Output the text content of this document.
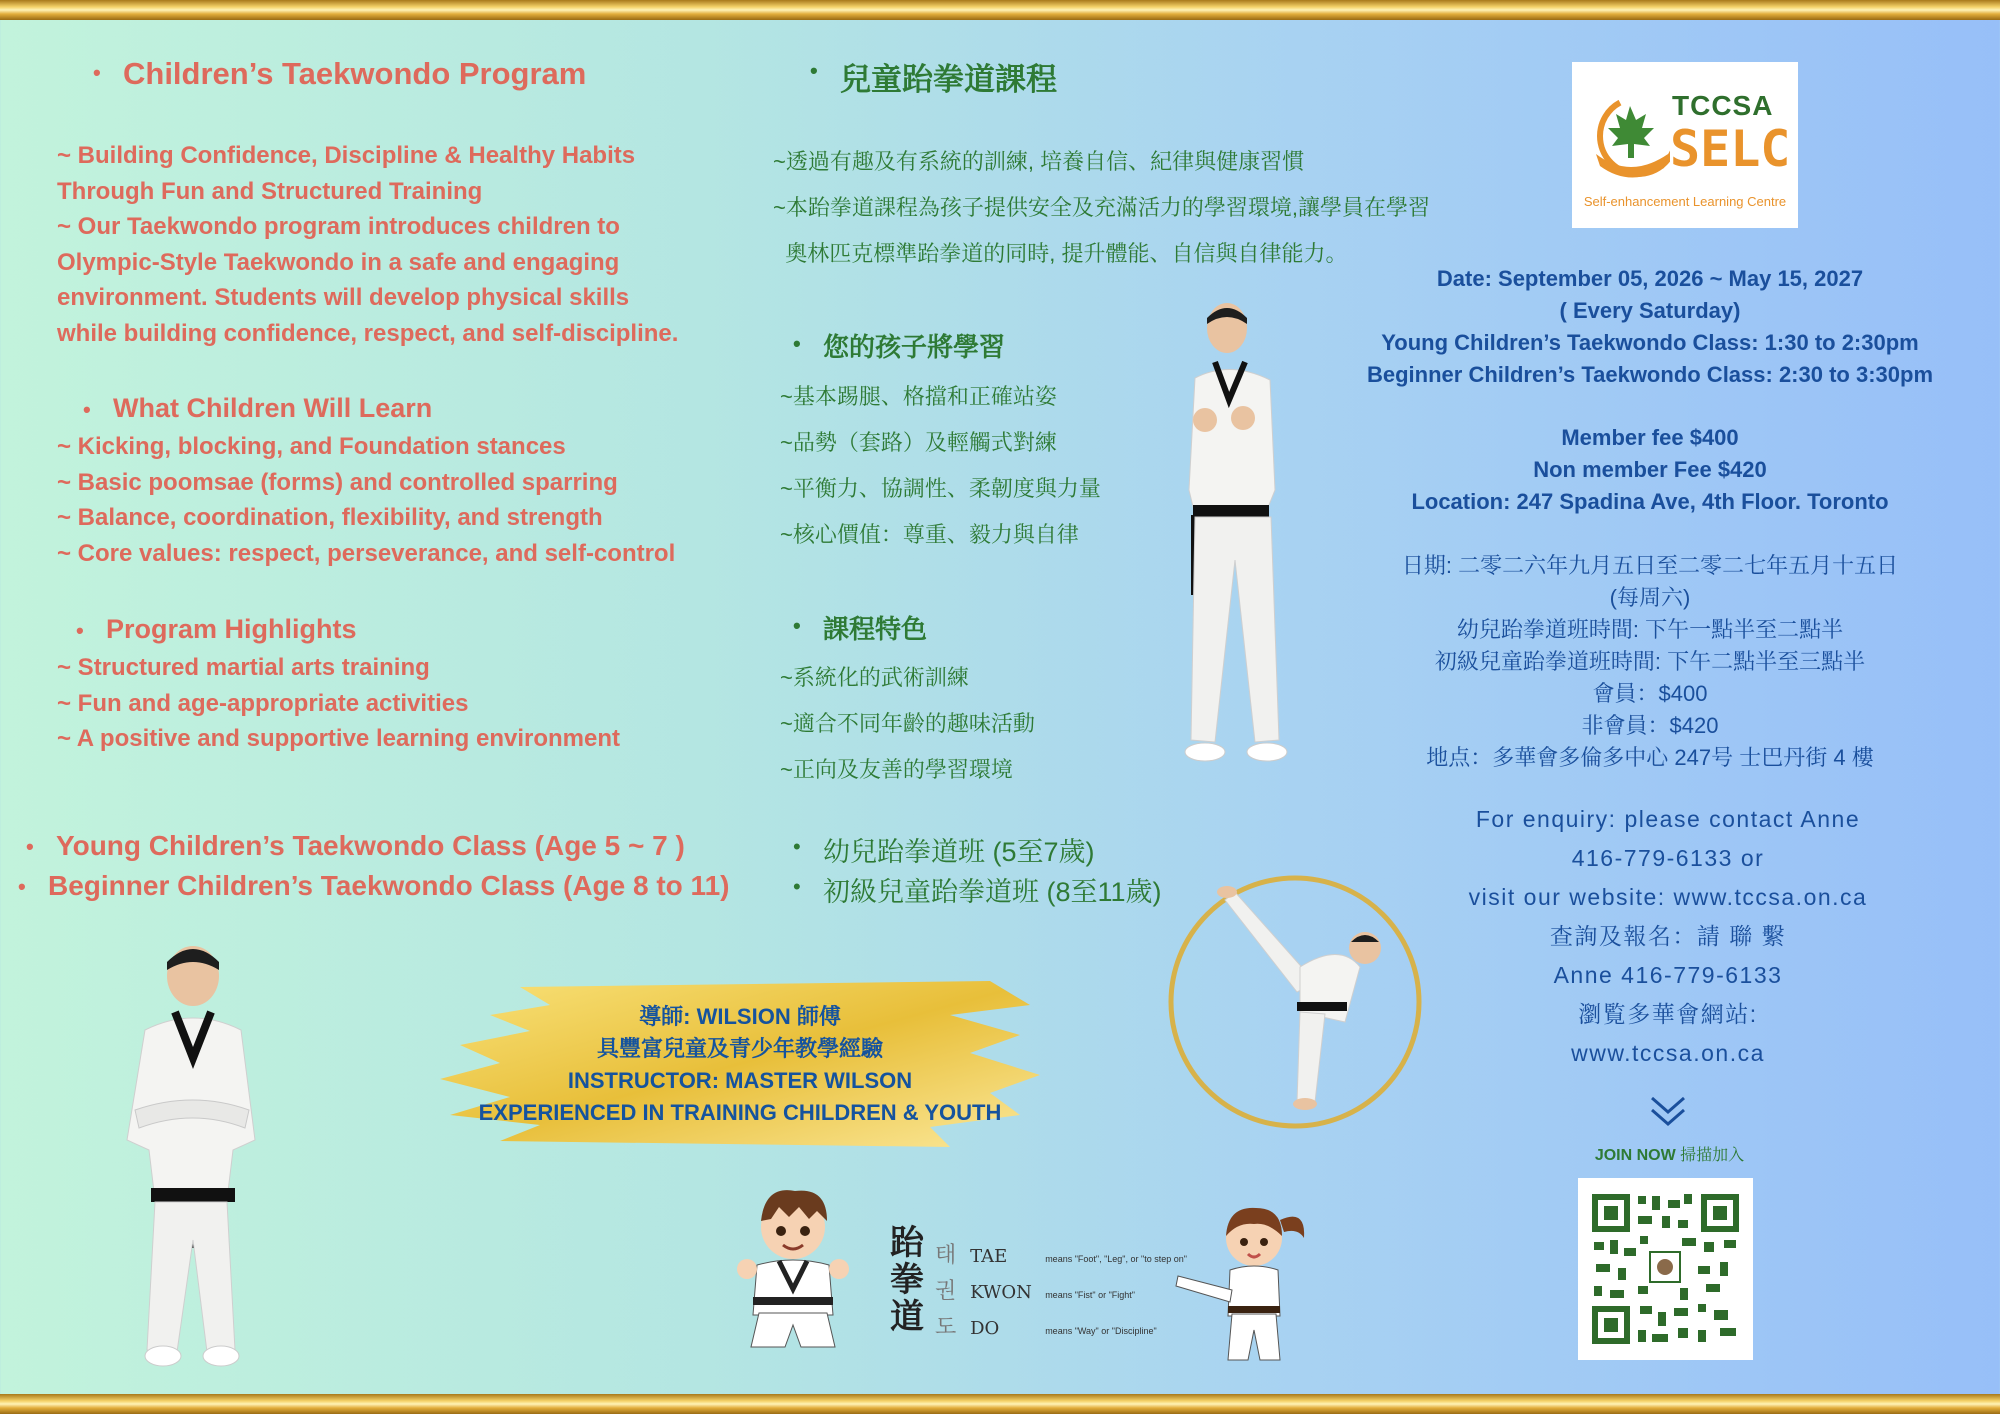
• Children’s Taekwondo Program
~ Building Confidence, Discipline & Healthy Habits
Through Fun and Structured Training
~ Our Taekwondo program introduces children to
Olympic-Style Taekwondo in a safe and engaging
environment. Students will develop physical skills
while building confidence, respect, and self-discipline.
• What Children Will Learn
~ Kicking, blocking, and Foundation stances
~ Basic poomsae (forms) and controlled sparring
~ Balance, coordination, flexibility, and strength
~ Core values: respect, perseverance, and self-control
• Program Highlights
~ Structured martial arts training
~ Fun and age-appropriate activities
~ A positive and supportive learning environment
• Young Children’s Taekwondo Class (Age 5 ~ 7 )
• Beginner Children’s Taekwondo Class (Age 8 to 11)
• 兒童跆拳道課程
~透過有趣及有系統的訓練, 培養自信、紀律與健康習慣
~本跆拳道課程為孩子提供安全及充滿活力的學習環境,讓學員在學習
奧林匹克標準跆拳道的同時, 提升體能、自信與自律能力。
• 您的孩子將學習
~基本踢腿、格擋和正確站姿
~品勢（套路）及輕觸式對練
~平衡力、協調性、柔韌度與力量
~核心價值：尊重、毅力與自律
• 課程特色
~系統化的武術訓練
~適合不同年齡的趣味活動
~正向及友善的學習環境
• 幼兒跆拳道班 (5至7歲)
• 初級兒童跆拳道班 (8至11歲)
導師: WILSION 師傅
具豐富兒童及青少年教學經驗
INSTRUCTOR: MASTER WILSON
EXPERIENCED IN TRAINING CHILDREN & YOUTH
跆拳道
태 TAE	means "Foot", "Leg", or "to step on"
권 KWON means "Fist" or "Fight"
도 DO	means "Way" or "Discipline"
TCCSA
SELC
Self-enhancement Learning Centre
Date: September 05, 2026 ~ May 15, 2027
( Every Saturday)
Young Children’s Taekwondo Class: 1:30 to 2:30pm
Beginner Children’s Taekwondo Class: 2:30 to 3:30pm
Member fee $400
Non member Fee $420
Location: 247 Spadina Ave, 4th Floor. Toronto
日期: 二零二六年九月五日至二零二七年五月十五日
(每周六)
幼兒跆拳道班時間: 下午一點半至二點半
初級兒童跆拳道班時間: 下午二點半至三點半
會員：$400
非會員：$420
地点：多華會多倫多中心 247号 士巴丹街 4 樓
For enquiry: please contact Anne
416-779-6133 or
visit our website: www.tccsa.on.ca
查詢及報名：請 聯 繫
Anne 416-779-6133
瀏覧多華會網站:
www.tccsa.on.ca
JOIN NOW 掃描加入
